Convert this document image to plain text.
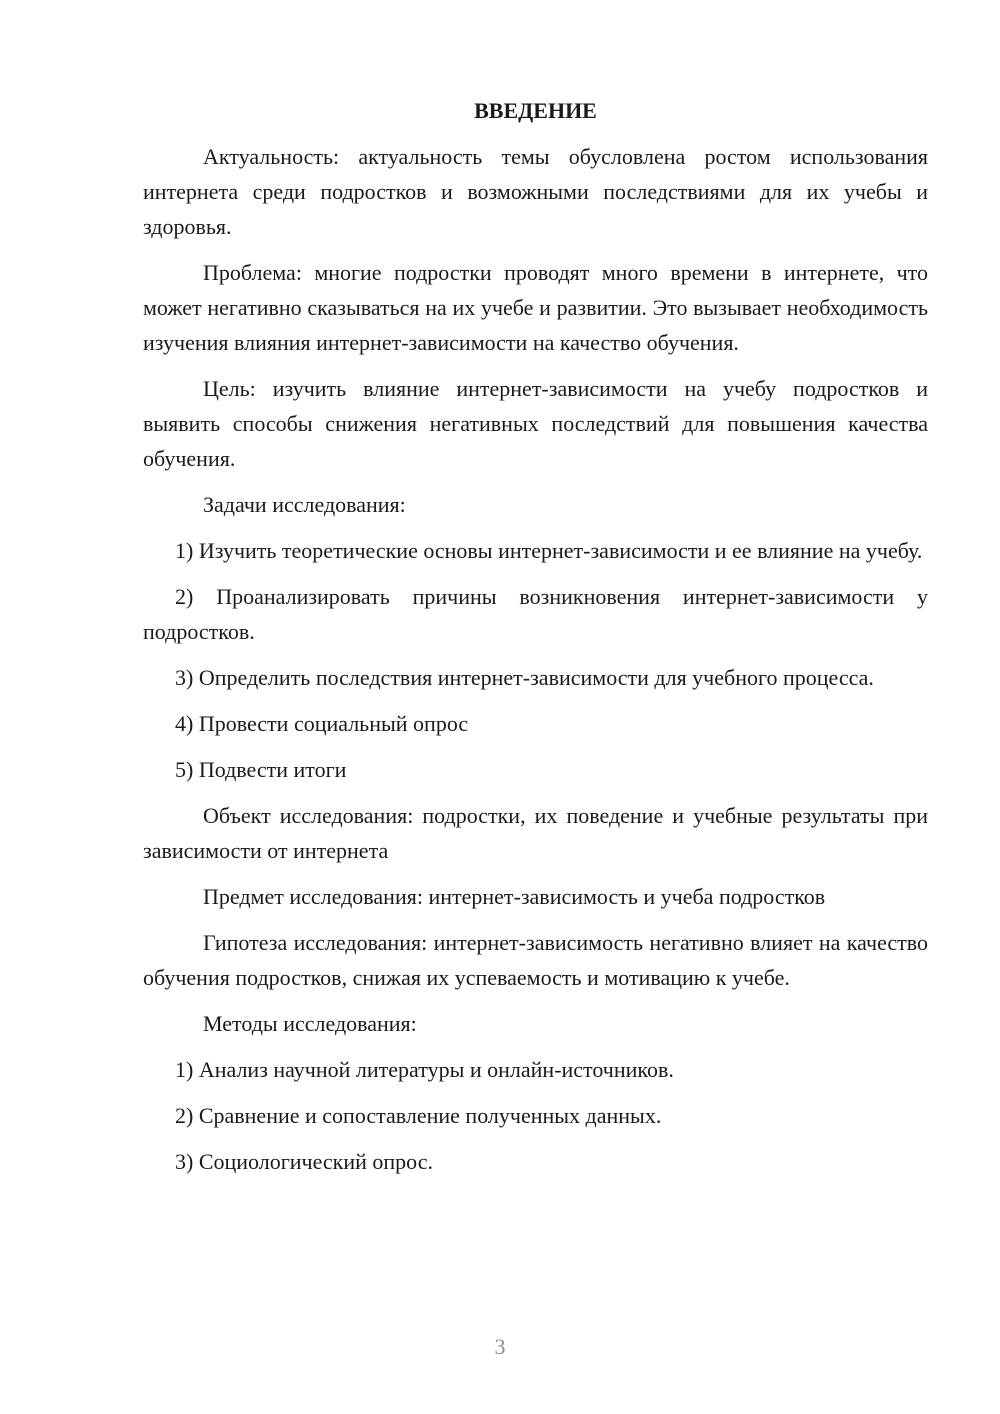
ВВЕДЕНИЕ
Актуальность: актуальность темы обусловлена ростом использования интернета среди подростков и возможными последствиями для их учебы и здоровья.
Проблема: многие подростки проводят много времени в интернете, что может негативно сказываться на их учебе и развитии. Это вызывает необходимость изучения влияния интернет-зависимости на качество обучения.
Цель: изучить влияние интернет-зависимости на учебу подростков и выявить способы снижения негативных последствий для повышения качества обучения.
Задачи исследования:
1) Изучить теоретические основы интернет-зависимости и ее влияние на учебу.
2) Проанализировать причины возникновения интернет-зависимости у подростков.
3) Определить последствия интернет-зависимости для учебного процесса.
4) Провести социальный опрос
5) Подвести итоги
Объект исследования: подростки, их поведение и учебные результаты при зависимости от интернета
Предмет исследования: интернет-зависимость и учеба подростков
Гипотеза исследования: интернет-зависимость негативно влияет на качество обучения подростков, снижая их успеваемость и мотивацию к учебе.
Методы исследования:
1) Анализ научной литературы и онлайн-источников.
2) Сравнение и сопоставление полученных данных.
3) Социологический опрос.
3
